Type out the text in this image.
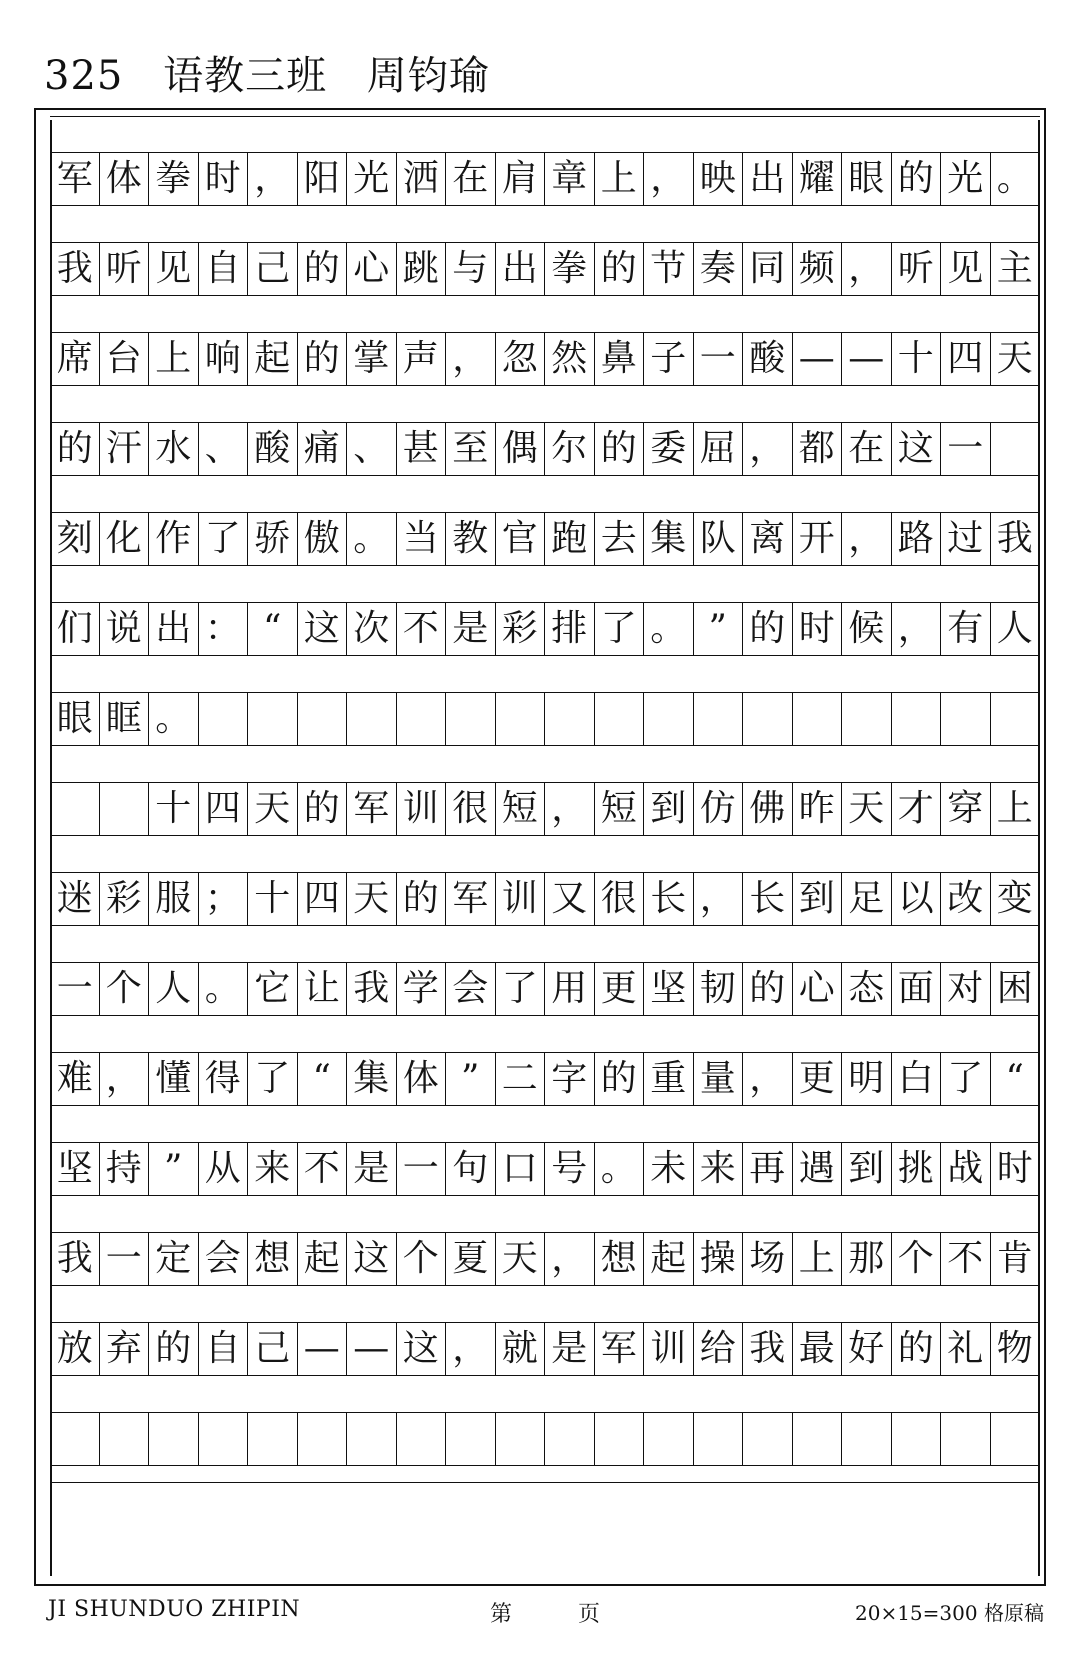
325 语教三班 周钧瑜
军 体 拳 时 ， 阳 光 洒 在 肩 章 上 ， 映 出 耀 眼 的 光 。
我 听 见 自 己 的 心 跳 与 出 拳 的 节 奏 同 频 ， 听 见 主
席 台 上 响 起 的 掌 声 ， 忽 然 鼻 子 一 酸 — — 十 四 天
的 汗 水 、 酸 痛 、 甚 至 偶 尔 的 委 屈 ， 都 在 这 一
刻 化 作 了 骄 傲 。 当 教 官 跑 去 集 队 离 开 ， 路 过 我
们 说 出 ： “ 这 次 不 是 彩 排 了 。 ” 的 时 候 ， 有 人
眼 眶 。
十 四 天 的 军 训 很 短 ， 短 到 仿 佛 昨 天 才 穿 上
迷 彩 服 ； 十 四 天 的 军 训 又 很 长 ， 长 到 足 以 改 变
一 个 人 。 它 让 我 学 会 了 用 更 坚 韧 的 心 态 面 对 困
难 ， 懂 得 了 “ 集 体 ” 二 字 的 重 量 ， 更 明 白 了 “
坚 持 ” 从 来 不 是 一 句 口 号 。 未 来 再 遇 到 挑 战 时
我 一 定 会 想 起 这 个 夏 天 ， 想 起 操 场 上 那 个 不 肯
放 弃 的 自 己 — — 这 ， 就 是 军 训 给 我 最 好 的 礼 物
JI SHUNDUO ZHIPIN	第　　　页	20×15=300 格原稿
